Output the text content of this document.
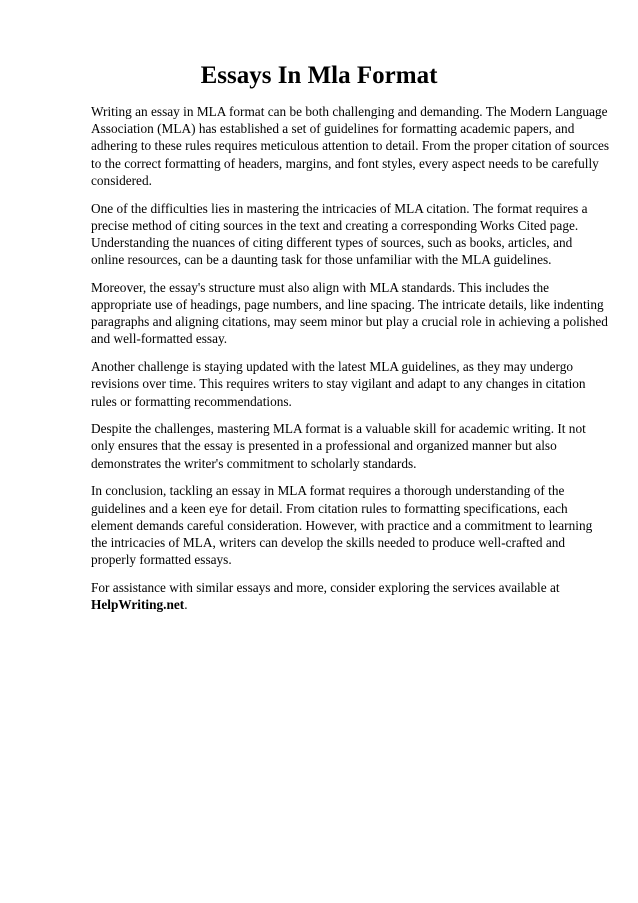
Essays In Mla Format

Writing an essay in MLA format can be both challenging and demanding. The Modern Language
Association (MLA) has established a set of guidelines for formatting academic papers, and
adhering to these rules requires meticulous attention to detail. From the proper citation of sources
to the correct formatting of headers, margins, and font styles, every aspect needs to be carefully
considered.

One of the difficulties lies in mastering the intricacies of MLA citation. The format requires a
precise method of citing sources in the text and creating a corresponding Works Cited page.
Understanding the nuances of citing different types of sources, such as books, articles, and
online resources, can be a daunting task for those unfamiliar with the MLA guidelines.

Moreover, the essay's structure must also align with MLA standards. This includes the
appropriate use of headings, page numbers, and line spacing. The intricate details, like indenting
paragraphs and aligning citations, may seem minor but play a crucial role in achieving a polished
and well-formatted essay.

Another challenge is staying updated with the latest MLA guidelines, as they may undergo
revisions over time. This requires writers to stay vigilant and adapt to any changes in citation
rules or formatting recommendations.

Despite the challenges, mastering MLA format is a valuable skill for academic writing. It not
only ensures that the essay is presented in a professional and organized manner but also
demonstrates the writer's commitment to scholarly standards.

In conclusion, tackling an essay in MLA format requires a thorough understanding of the
guidelines and a keen eye for detail. From citation rules to formatting specifications, each
element demands careful consideration. However, with practice and a commitment to learning
the intricacies of MLA, writers can develop the skills needed to produce well-crafted and
properly formatted essays.

For assistance with similar essays and more, consider exploring the services available at
HelpWriting.net.
